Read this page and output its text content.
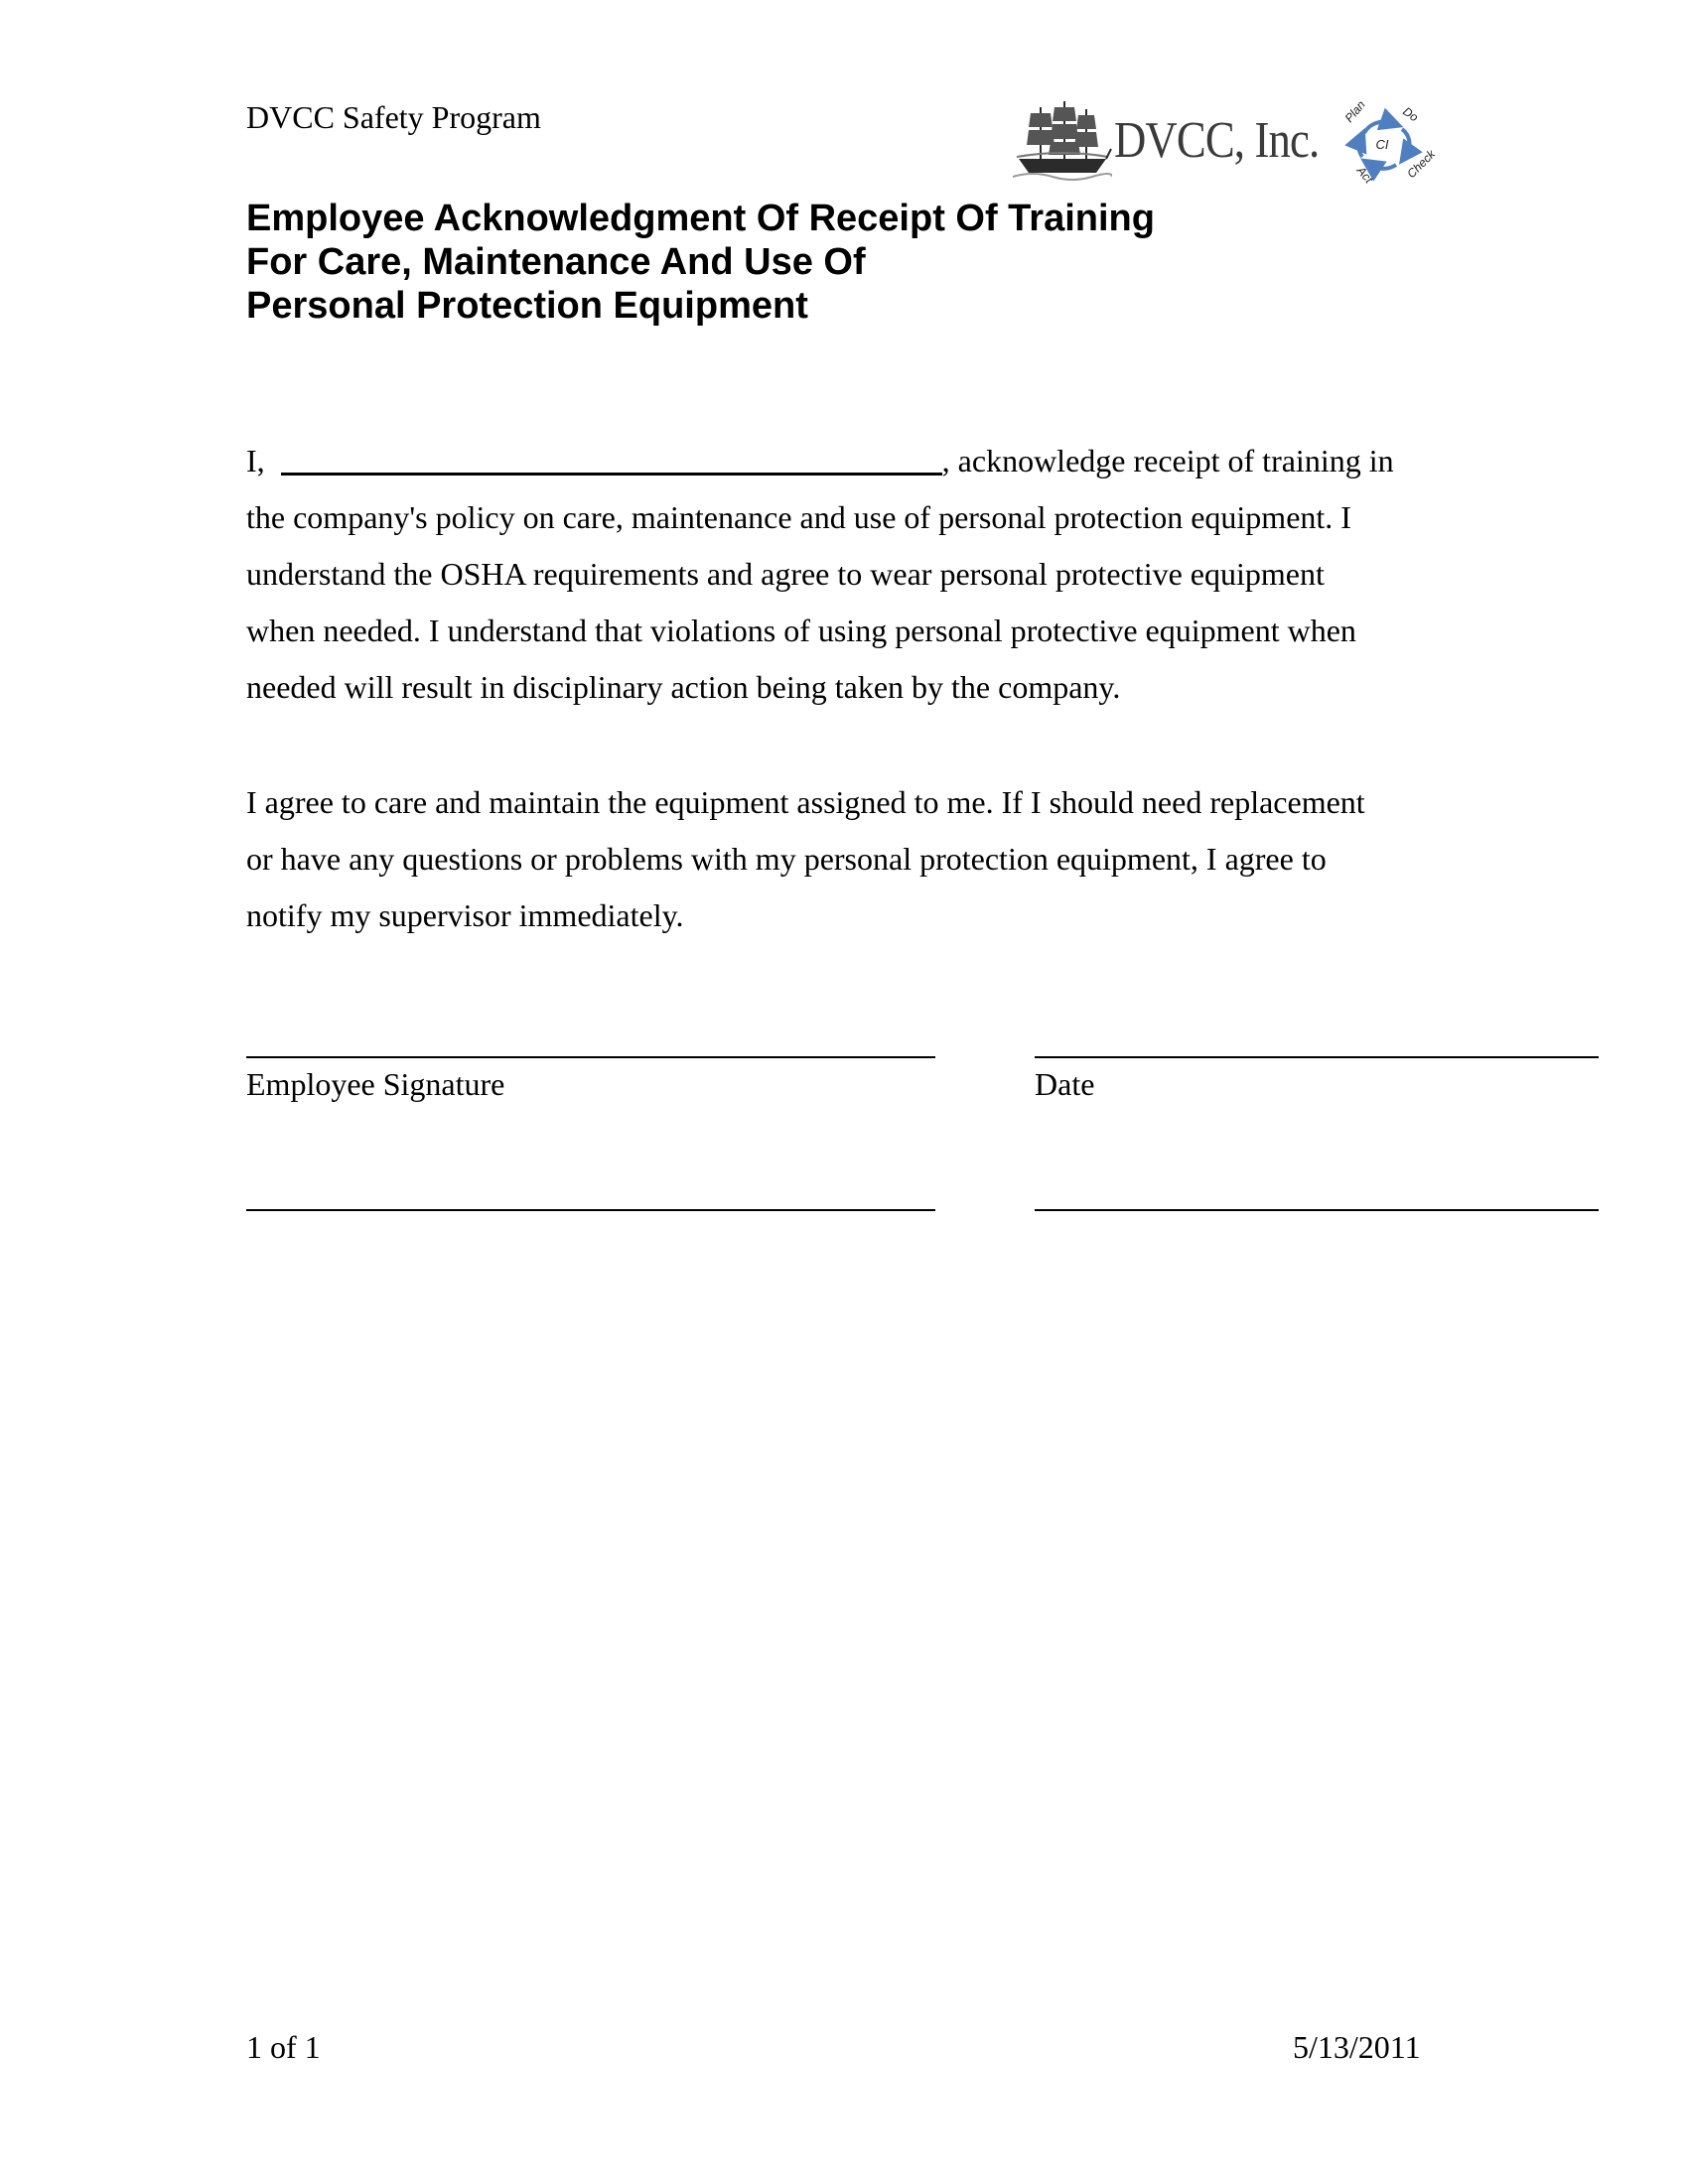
DVCC Safety Program	DVCC, Inc.	CI
Plan	Do
Check
Act
Employee Acknowledgment Of Receipt Of Training
For Care, Maintenance And Use Of
Personal Protection Equipment

I,	, acknowledge receipt of training in
the company's policy on care, maintenance and use of personal protection equipment. I
understand the OSHA requirements and agree to wear personal protective equipment
when needed. I understand that violations of using personal protective equipment when
needed will result in disciplinary action being taken by the company.

I agree to care and maintain the equipment assigned to me. If I should need replacement
or have any questions or problems with my personal protection equipment, I agree to
notify my supervisor immediately.

Employee Signature	Date
1 of 1	5/13/2011
